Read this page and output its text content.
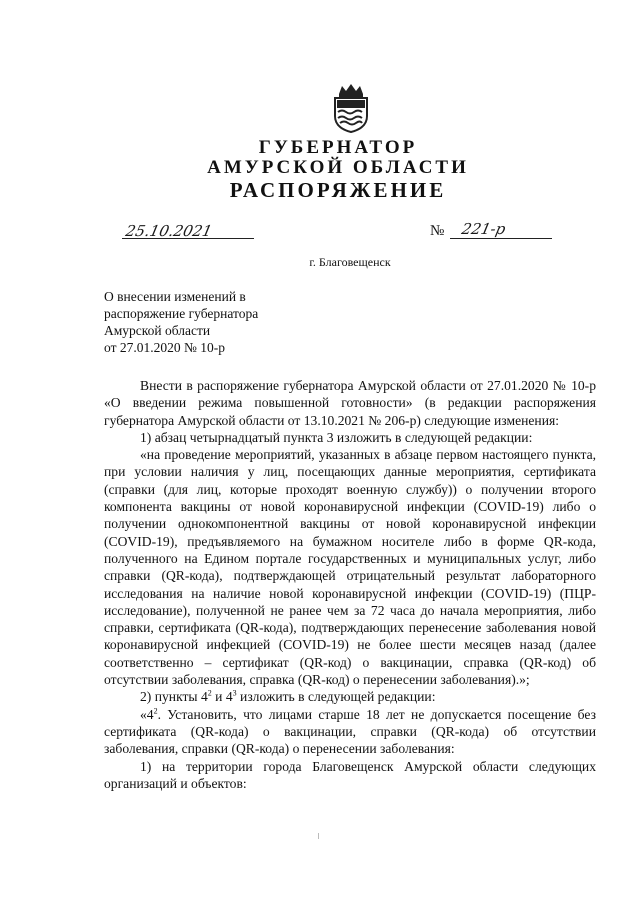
ГУБЕРНАТОР
АМУРСКОЙ ОБЛАСТИ
РАСПОРЯЖЕНИЕ
25.10.2021	№ 221-р
г. Благовещенск
О внесении изменений в
распоряжение губернатора
Амурской области
от 27.01.2020 № 10-р

Внести в распоряжение губернатора Амурской области от 27.01.2020 № 10-р «О введении режима повышенной готовности» (в редакции распоряжения губернатора Амурской области от 13.10.2021 № 206-р) следующие изменения:

1) абзац четырнадцатый пункта 3 изложить в следующей редакции:

«на проведение мероприятий, указанных в абзаце первом настоящего пункта, при условии наличия у лиц, посещающих данные мероприятия, сертификата (справки (для лиц, которые проходят военную службу)) о получении второго компонента вакцины от новой коронавирусной инфекции (COVID-19) либо о получении однокомпонентной вакцины от новой коронавирусной инфекции (COVID-19), предъявляемого на бумажном носителе либо в форме QR-кода, полученного на Едином портале государственных и муниципальных услуг, либо справки (QR-кода), подтверждающей отрицательный результат лабораторного исследования на наличие новой коронавирусной инфекции (COVID-19) (ПЦР-исследование), полученной не ранее чем за 72 часа до начала мероприятия, либо справки, сертификата (QR-кода), подтверждающих перенесение заболевания новой коронавирусной инфекцией (COVID-19) не более шести месяцев назад (далее соответственно – сертификат (QR-код) о вакцинации, справка (QR-код) об отсутствии заболевания, справка (QR-код) о перенесении заболевания).»;

2) пункты $4^2$ и $4^3$ изложить в следующей редакции:

«$4^2$. Установить, что лицами старше 18 лет не допускается посещение без сертификата (QR-кода) о вакцинации, справки (QR-кода) об отсутствии заболевания, справки (QR-кода) о перенесении заболевания:

1) на территории города Благовещенск Амурской области следующих организаций и объектов:
